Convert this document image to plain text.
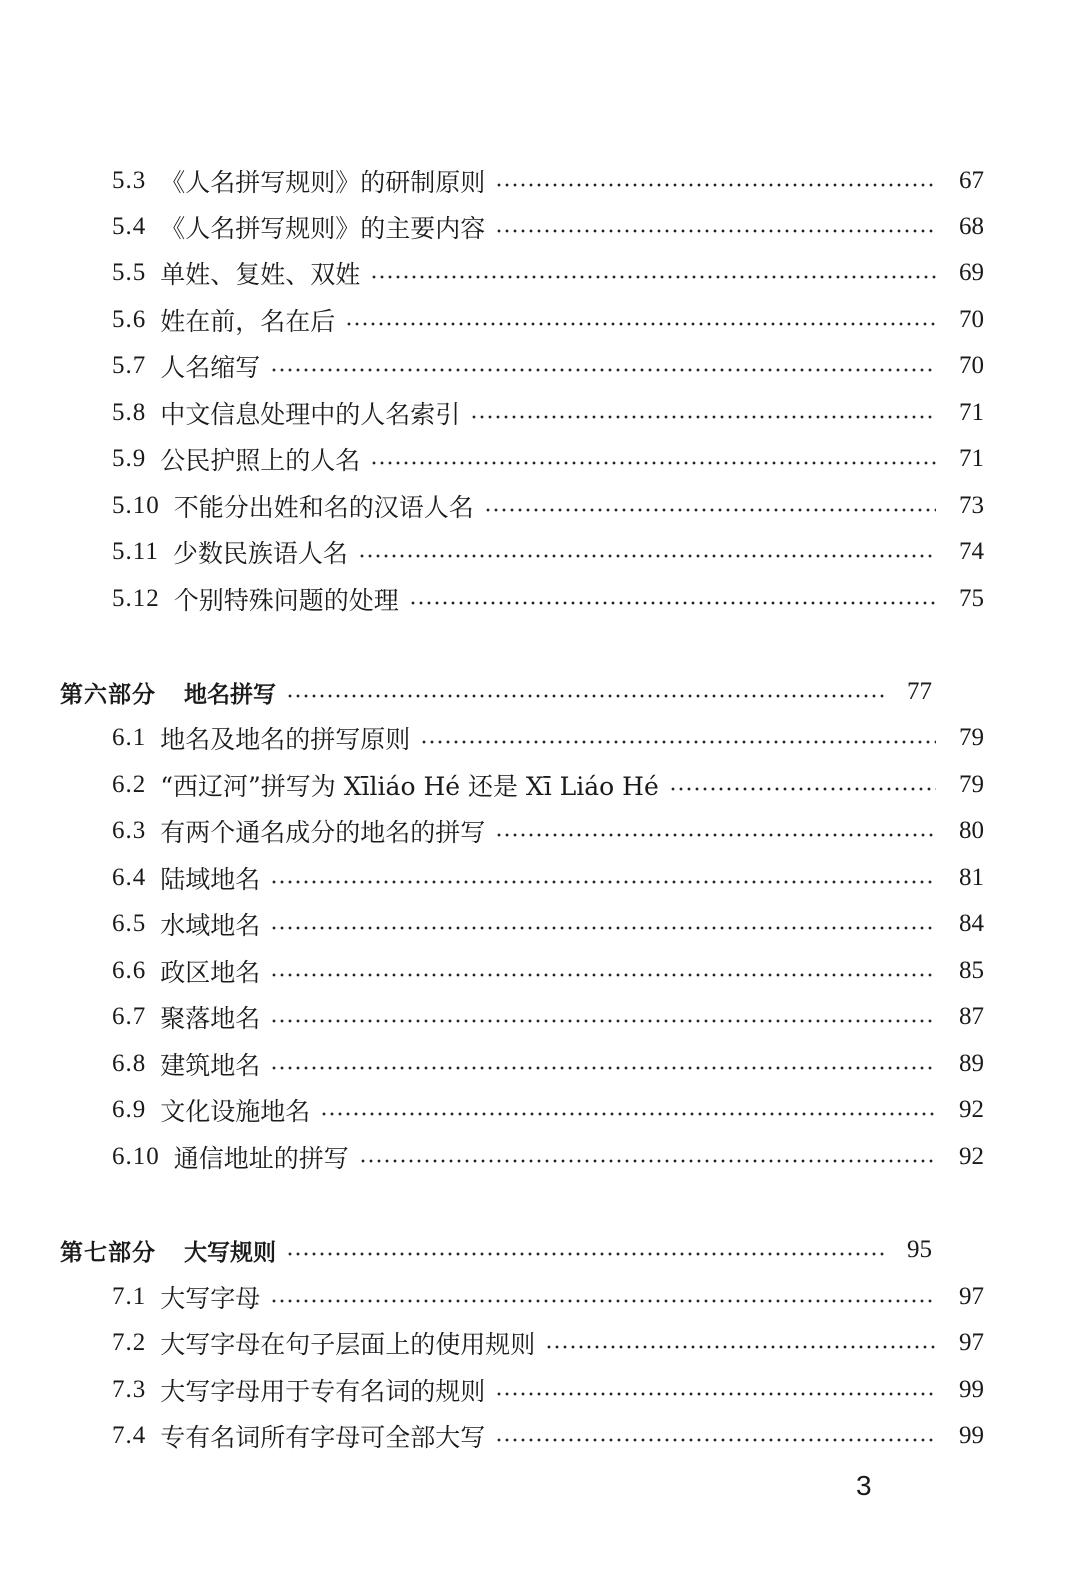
5.3 《人名拼写规则》的研制原则	67
5.4 《人名拼写规则》的主要内容	68
5.5 单姓、复姓、双姓	69
5.6 姓在前，名在后	70
5.7 人名缩写	70
5.8 中文信息处理中的人名索引	71
5.9 公民护照上的人名	71
5.10 不能分出姓和名的汉语人名	73
5.11 少数民族语人名	74
5.12 个别特殊问题的处理	75
第六部分 地名拼写	77
6.1 地名及地名的拼写原则	79
6.2 “西辽河”拼写为 Xīliáo Hé 还是 Xī Liáo Hé	79
6.3 有两个通名成分的地名的拼写	80
6.4 陆域地名	81
6.5 水域地名	84
6.6 政区地名	85
6.7 聚落地名	87
6.8 建筑地名	89
6.9 文化设施地名	92
6.10 通信地址的拼写	92
第七部分 大写规则	95
7.1 大写字母	97
7.2 大写字母在句子层面上的使用规则	97
7.3 大写字母用于专有名词的规则	99
7.4 专有名词所有字母可全部大写	99
3
